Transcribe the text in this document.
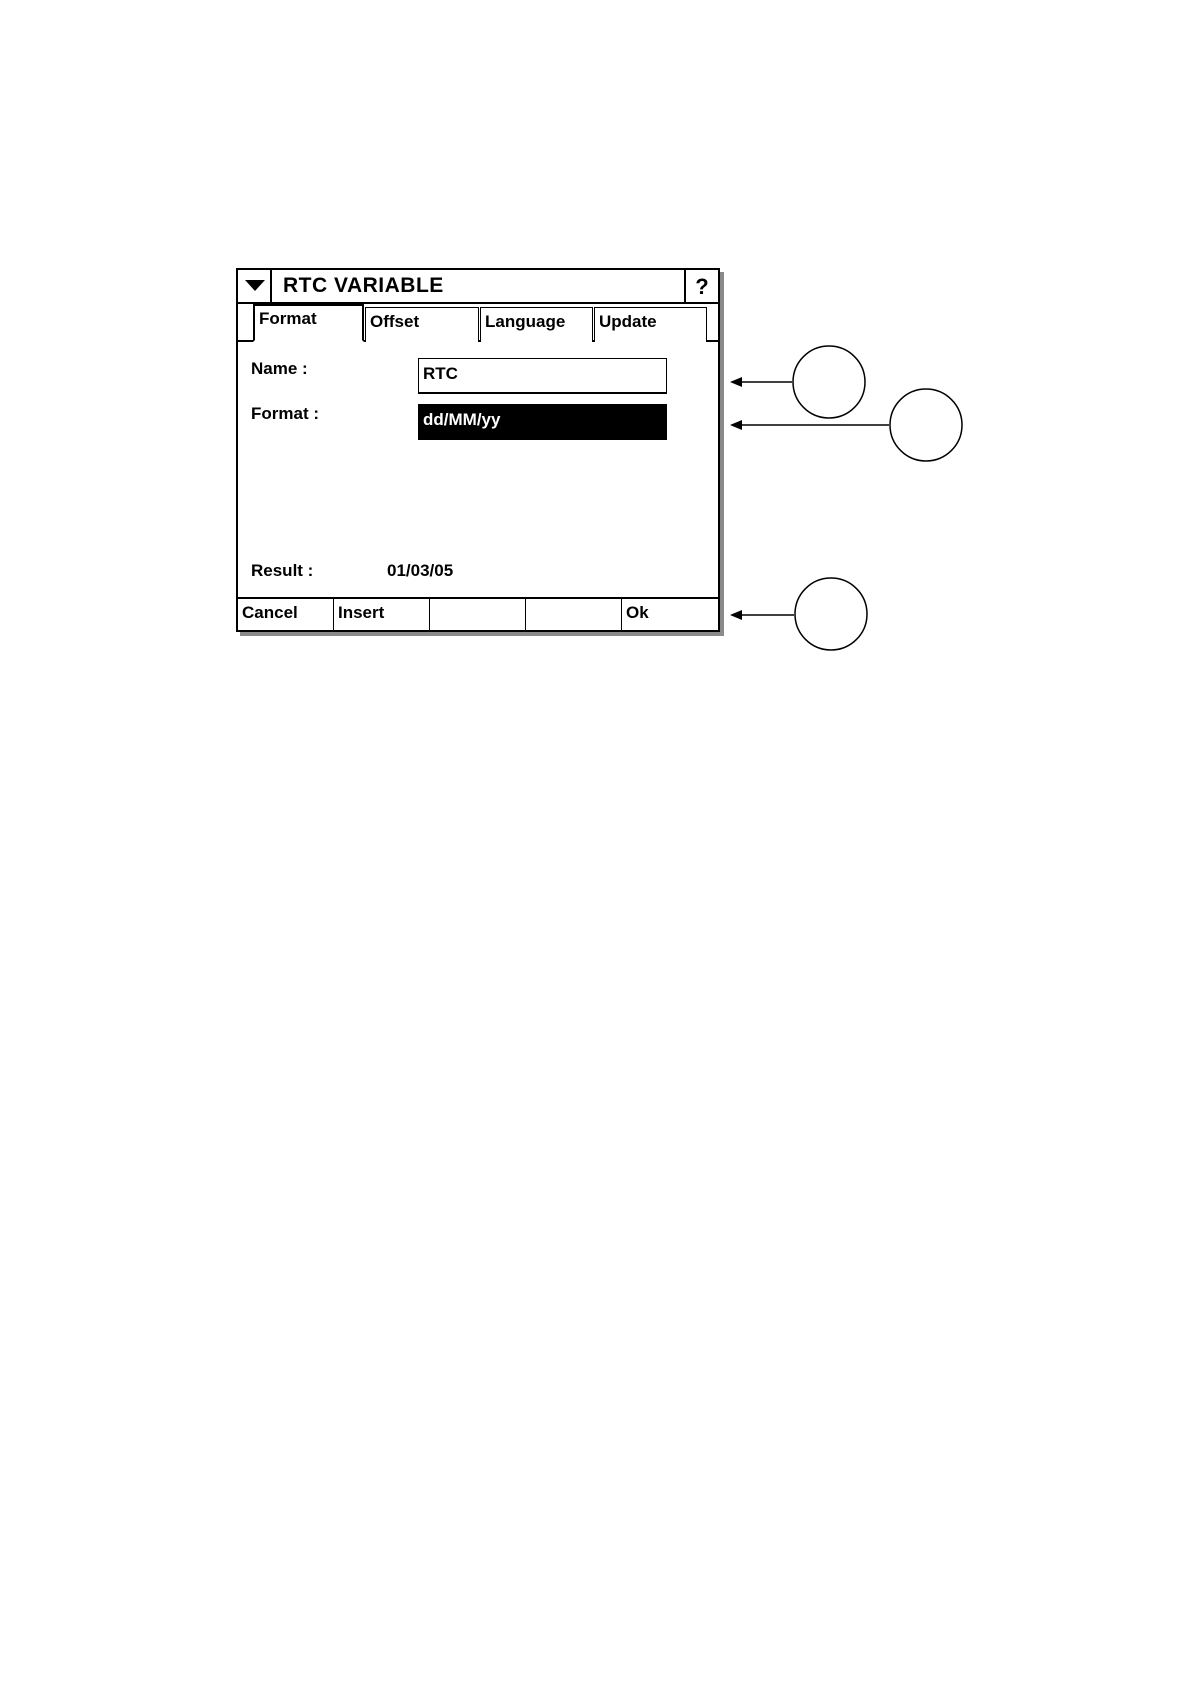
RTC VARIABLE	?
Format	Offset	Language	Update
Name :	RTC
Format :	dd/MM/yy
Result :	01/03/05
Cancel	Insert	Ok
